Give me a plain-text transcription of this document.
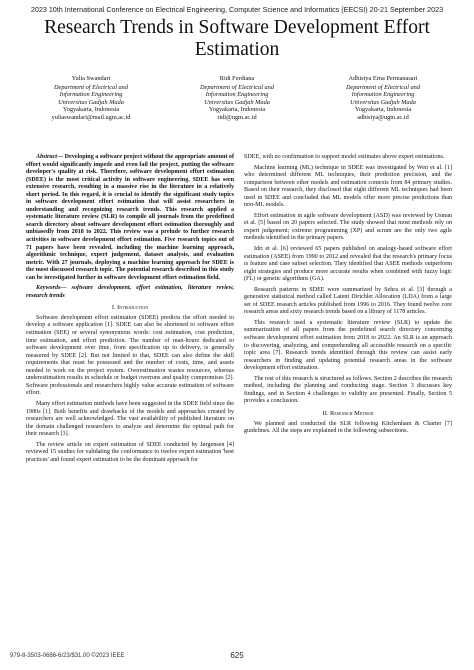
2023 10th International Conference on Electrical Engineering, Computer Science and Informatics (EECSI) 20-21 September 2023
Research Trends in Software Development Effort Estimation
Yulia Swandari
Department of Electrical and
Information Engineering
Universitas Gadjah Mada
Yogyakarta, Indonesia
yuliaswandari@mail.ugm.ac.id
Ridi Ferdiana
Department of Electrical and
Information Engineering
Universitas Gadjah Mada
Yogyakarta, Indonesia
ridi@ugm.ac.id
Adhistya Erna Permanasari
Department of Electrical and
Information Engineering
Universitas Gadjah Mada
Yogyakarta, Indonesia
adhistya@ugm.ac.id

Abstract— Developing a software project without the appropriate amount of effort would significantly impede and even fail the project, putting the software developer's quality at risk. Therefore, software development effort estimation (SDEE) is the most critical activity in software engineering. SDEE has seen extensive research, resulting in a massive rise in the literature in a relatively short period. In this regard, it is crucial to identify the significant study topics in software development effort estimation that will assist researchers in understanding and recognizing research trends. This research applied a systematic literature review (SLR) to compile all journals from the predefined search directory about software development effort estimation thoroughly and unbiasedly from 2018 to 2022. This review was a prelude to further research activities in software development effort estimation. Five research topics out of 71 papers have been revealed, including the machine learning approach, algorithmic technique, expert judgement, dataset analysis, and evaluation metric. With 27 journals, deploying a machine learning approach for SDEE is the most discussed research topic. The potential research described in this study can be investigated further in software development effort estimation field.

Keywords— software development, effort estimation, literature review, research trends

I. Introduction

Software development effort estimation (SDEE) predicts the effort needed to develop a software application [1]. SDEE can also be shortened to software effort estimation (SEE) or several synonymous words: cost estimation, cost prediction, time estimation, and effort prediction. The number of man-hours dedicated to software development over time, from specification up to delivery, is generally measured by SDEE [2]. But not limited to that, SDEE can also define the skill requirements that must be possessed and the number of costs, time, and assets needed to work on the project system. Overestimation wastes resources, whereas underestimation results in schedule or budget overruns and quality compromises [2]. Software professionals and researchers highly value accurate estimation of software effort.

Many effort estimation methods have been suggested in the SDEE field since the 1980s [1]. Both benefits and drawbacks of the models and approaches created by researchers are well acknowledged. The vast availability of published literature on the domain challenged researchers to analyze and determine the optimal path for their research [3].

The review article on expert estimation of SDEE conducted by Jørgensen [4] reviewed 15 studies for validating the conformance to twelve expert estimation 'best practices' and found expert estimation to be the dominant approach for

SDEE, with no confirmation to support model estimates above expert estimations.

Machine learning (ML) technique in SDEE was investigated by Wen et al. [1] who determined different ML techniques, their prediction precision, and the comparison between other models and estimation contexts from 84 primary studies. Based on their research, they disclosed that eight different ML techniques had been used in SDEE and concluded that ML models offer more precise predictions than non-ML models.

Effort estimation in agile software development (ASD) was reviewed by Usman et al. [5] based on 20 papers selected. The study showed that most methods rely on expert judgement; extreme programming (XP) and scrum are the only two agile methods identified in the primary papers.

Idri et al. [6] reviewed 65 papers published on analogy-based software effort estimation (ASEE) from 1990 to 2012 and revealed that the research's primary focus is feature and case subset selection. They identified that ASEE methods outperform eight strategies and produce more accurate results when combined with fuzzy logic (FL) or genetic algorithms (GA).

Research patterns in SDEE were summarized by Sehra et al. [3] through a generative statistical method called Latent Dirichlet Allocation (LDA) from a large set of SDEE research articles published from 1996 to 2016. They found twelve core research areas and sixty research trends based on a library of 1178 articles.

This research used a systematic literature review (SLR) to update the summarization of all papers from the predefined search directory concerning software development effort estimation from 2018 to 2022. An SLR is an approach to discovering, analyzing, and comprehending all accessible research on a specific topic area [7]. Research trends identified through this review can assist early researchers in finding and updating potential research areas in the software development effort estimation.

The rest of this research is structured as follows. Section 2 describes the research method, including the planning and conducting stage. Section 3 discusses key findings, and in Section 4 challenges to validity are presented. Finally, Section 5 provides a conclusion.

II. Research Method

We planned and conducted the SLR following Kitchenham & Charter [7] guidelines. All the steps are explained in the following subsections.

979-8-3503-0686-6/23/$31.00 ©2023 IEEE	625
